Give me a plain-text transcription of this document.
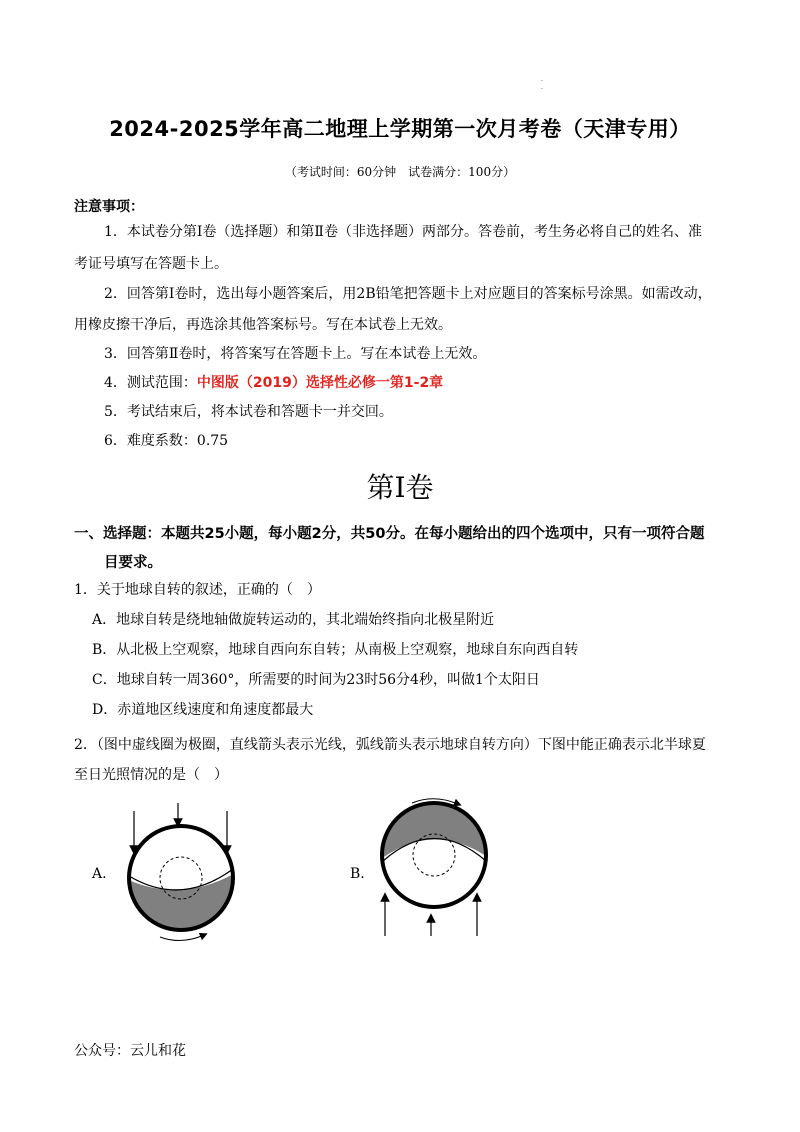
·
·
2024-2025学年高二地理上学期第一次月考卷（天津专用）
（考试时间：60分钟　试卷满分：100分）
注意事项：
1．本试卷分第Ⅰ卷（选择题）和第Ⅱ卷（非选择题）两部分。答卷前，考生务必将自己的姓名、准
考证号填写在答题卡上。
2．回答第Ⅰ卷时，选出每小题答案后，用2B铅笔把答题卡上对应题目的答案标号涂黑。如需改动，
用橡皮擦干净后，再选涂其他答案标号。写在本试卷上无效。
3．回答第Ⅱ卷时，将答案写在答题卡上。写在本试卷上无效。
4．测试范围：中图版（2019）选择性必修一第1-2章
5．考试结束后，将本试卷和答题卡一并交回。
6．难度系数：0.75
第Ⅰ卷
一、选择题：本题共25小题，每小题2分，共50分。在每小题给出的四个选项中，只有一项符合题
目要求。
1．关于地球自转的叙述，正确的（　）
A．地球自转是绕地轴做旋转运动的，其北端始终指向北极星附近
B．从北极上空观察，地球自西向东自转；从南极上空观察，地球自东向西自转
C．地球自转一周360°，所需要的时间为23时56分4秒，叫做1个太阳日
D．赤道地区线速度和角速度都最大
2．（图中虚线圈为极圈，直线箭头表示光线，弧线箭头表示地球自转方向）下图中能正确表示北半球夏
至日光照情况的是（　）
A.	B.
公众号：云儿和花
